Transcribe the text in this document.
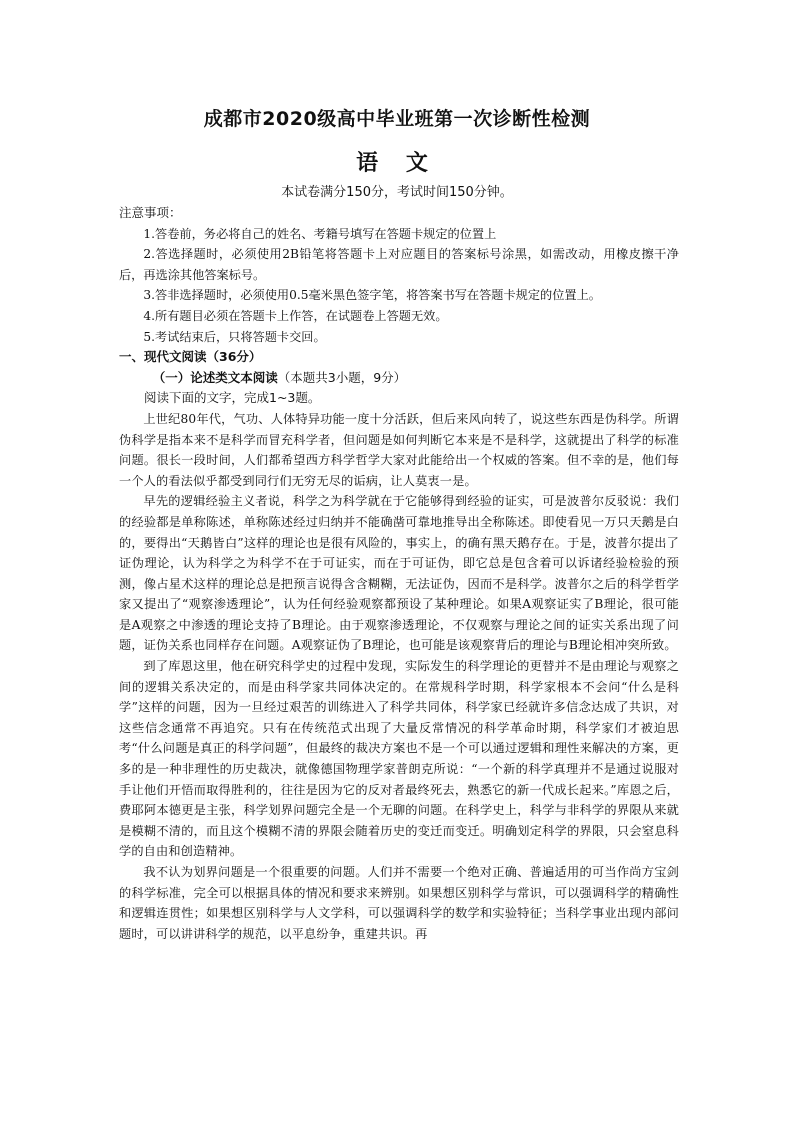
成都市2020级高中毕业班第一次诊断性检测
语 文
本试卷满分150分，考试时间150分钟。

注意事项：

1.答卷前，务必将自己的姓名、考籍号填写在答题卡规定的位置上

2.答选择题时，必须使用2B铅笔将答题卡上对应题目的答案标号涂黑，如需改动，用橡皮擦干净后，再选涂其他答案标号。

3.答非选择题时，必须使用0.5毫米黑色签字笔，将答案书写在答题卡规定的位置上。

4.所有题目必须在答题卡上作答，在试题卷上答题无效。

5.考试结束后，只将答题卡交回。

一、现代文阅读（36分）

（一）论述类文本阅读（本题共3小题，9分）

阅读下面的文字，完成1~3题。

上世纪80年代，气功、人体特异功能一度十分活跃，但后来风向转了，说这些东西是伪科学。所谓伪科学是指本来不是科学而冒充科学者，但问题是如何判断它本来是不是科学，这就提出了科学的标准问题。很长一段时间，人们都希望西方科学哲学大家对此能给出一个权威的答案。但不幸的是，他们每一个人的看法似乎都受到同行们无穷无尽的诟病，让人莫衷一是。

早先的逻辑经验主义者说，科学之为科学就在于它能够得到经验的证实，可是波普尔反驳说：我们的经验都是单称陈述，单称陈述经过归纳并不能确凿可靠地推导出全称陈述。即使看见一万只天鹅是白的，要得出“天鹅皆白”这样的理论也是很有风险的，事实上，的确有黑天鹅存在。于是，波普尔提出了证伪理论，认为科学之为科学不在于可证实，而在于可证伪，即它总是包含着可以诉诸经验检验的预测，像占星术这样的理论总是把预言说得含含糊糊，无法证伪，因而不是科学。波普尔之后的科学哲学家又提出了“观察渗透理论”，认为任何经验观察都预设了某种理论。如果A观察证实了B理论，很可能是A观察之中渗透的理论支持了B理论。由于观察渗透理论，不仅观察与理论之间的证实关系出现了问题，证伪关系也同样存在问题。A观察证伪了B理论，也可能是该观察背后的理论与B理论相冲突所致。

到了库恩这里，他在研究科学史的过程中发现，实际发生的科学理论的更替并不是由理论与观察之间的逻辑关系决定的，而是由科学家共同体决定的。在常规科学时期，科学家根本不会问“什么是科学”这样的问题，因为一旦经过艰苦的训练进入了科学共同体，科学家已经就许多信念达成了共识，对这些信念通常不再追究。只有在传统范式出现了大量反常情况的科学革命时期，科学家们才被迫思考“什么问题是真正的科学问题”，但最终的裁决方案也不是一个可以通过逻辑和理性来解决的方案，更多的是一种非理性的历史裁决，就像德国物理学家普朗克所说：“一个新的科学真理并不是通过说服对手让他们开悟而取得胜利的，往往是因为它的反对者最终死去，熟悉它的新一代成长起来。”库恩之后，费耶阿本德更是主张，科学划界问题完全是一个无聊的问题。在科学史上，科学与非科学的界限从来就是模糊不清的，而且这个模糊不清的界限会随着历史的变迁而变迁。明确划定科学的界限，只会窒息科学的自由和创造精神。

我不认为划界问题是一个很重要的问题。人们并不需要一个绝对正确、普遍适用的可当作尚方宝剑的科学标准，完全可以根据具体的情况和要求来辨别。如果想区别科学与常识，可以强调科学的精确性和逻辑连贯性；如果想区别科学与人文学科，可以强调科学的数学和实验特征；当科学事业出现内部问题时，可以讲讲科学的规范，以平息纷争，重建共识。再
